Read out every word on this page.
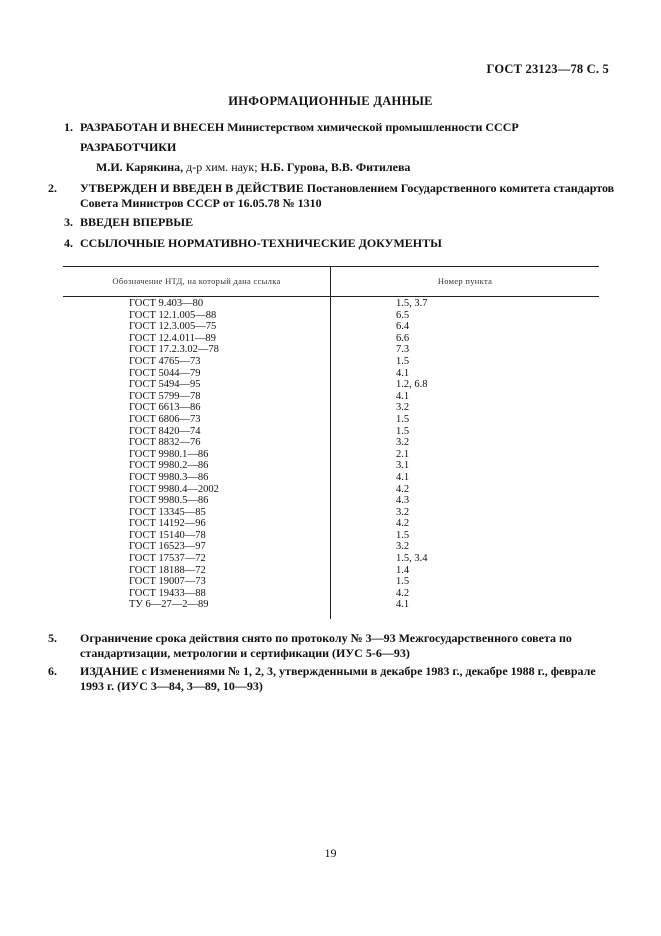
ГОСТ 23123—78 С. 5
ИНФОРМАЦИОННЫЕ ДАННЫЕ
1. РАЗРАБОТАН И ВНЕСЕН Министерством химической промышленности СССР
РАЗРАБОТЧИКИ
М.И. Карякина, д-р хим. наук; Н.Б. Гурова, В.В. Фитилева
2. УТВЕРЖДЕН И ВВЕДЕН В ДЕЙСТВИЕ Постановлением Государственного комитета стандартов Совета Министров СССР от 16.05.78 № 1310
3. ВВЕДЕН ВПЕРВЫЕ
4. ССЫЛОЧНЫЕ НОРМАТИВНО-ТЕХНИЧЕСКИЕ ДОКУМЕНТЫ
Обозначение НТД, на который дана ссылка	Номер пункта
ГОСТ 9.403—80	1.5, 3.7
ГОСТ 12.1.005—88	6.5
ГОСТ 12.3.005—75	6.4
ГОСТ 12.4.011—89	6.6
ГОСТ 17.2.3.02—78	7.3
ГОСТ 4765—73	1.5
ГОСТ 5044—79	4.1
ГОСТ 5494—95	1.2, 6.8
ГОСТ 5799—78	4.1
ГОСТ 6613—86	3.2
ГОСТ 6806—73	1.5
ГОСТ 8420—74	1.5
ГОСТ 8832—76	3.2
ГОСТ 9980.1—86	2.1
ГОСТ 9980.2—86	3.1
ГОСТ 9980.3—86	4.1
ГОСТ 9980.4—2002	4.2
ГОСТ 9980.5—86	4.3
ГОСТ 13345—85	3.2
ГОСТ 14192—96	4.2
ГОСТ 15140—78	1.5
ГОСТ 16523—97	3.2
ГОСТ 17537—72	1.5, 3.4
ГОСТ 18188—72	1.4
ГОСТ 19007—73	1.5
ГОСТ 19433—88	4.2
ТУ 6—27—2—89	4.1
5. Ограничение срока действия снято по протоколу № 3—93 Межгосударственного совета по стандартизации, метрологии и сертификации (ИУС 5-6—93)
6. ИЗДАНИЕ с Изменениями № 1, 2, 3, утвержденными в декабре 1983 г., декабре 1988 г., феврале 1993 г. (ИУС 3—84, 3—89, 10—93)
19
